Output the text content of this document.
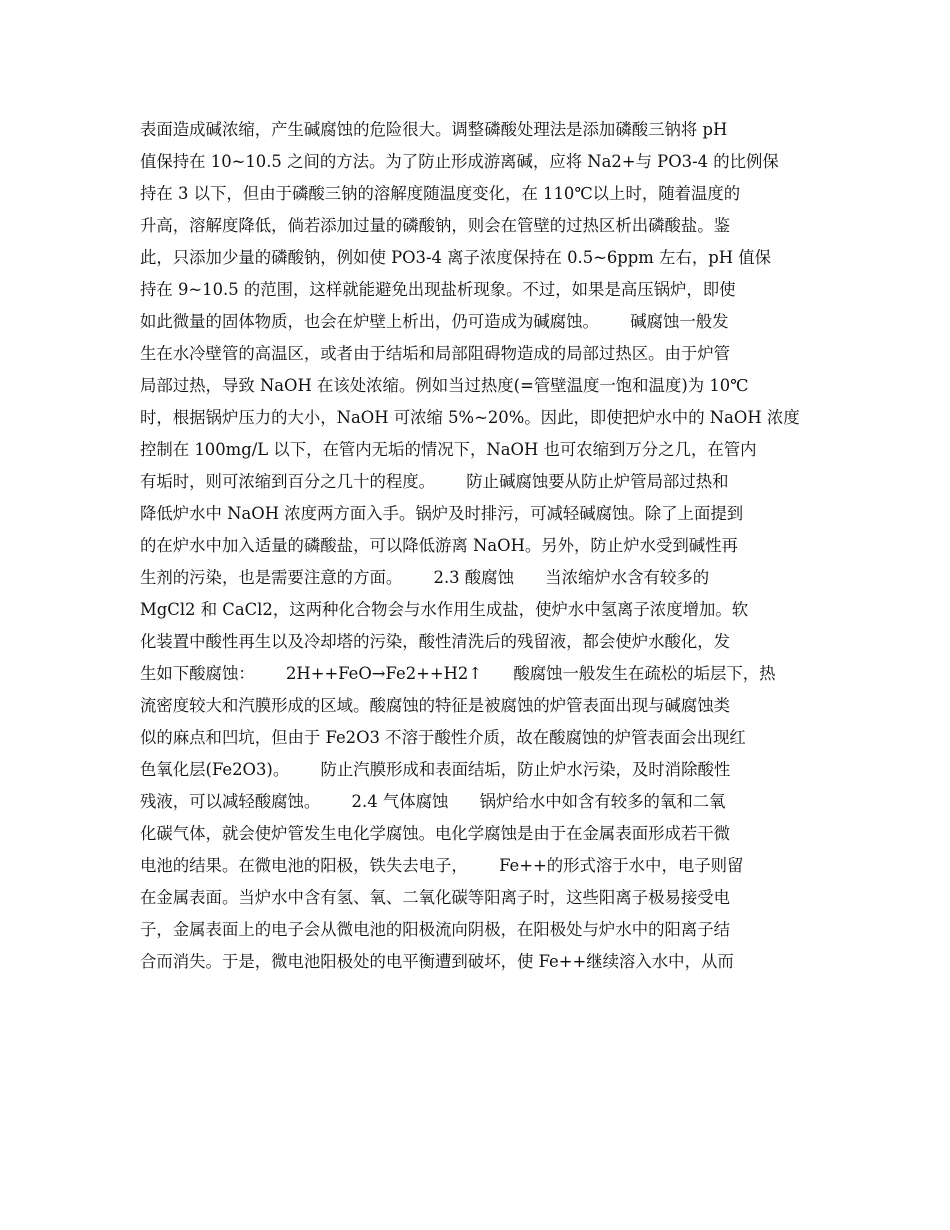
表面造成碱浓缩，产生碱腐蚀的危险很大。调整磷酸处理法是添加磷酸三钠将 pH
值保持在 10~10.5 之间的方法。为了防止形成游离碱，应将 Na2+与 PO3-4 的比例保
持在 3 以下，但由于磷酸三钠的溶解度随温度变化，在 110℃以上时，随着温度的
升高，溶解度降低，倘若添加过量的磷酸钠，则会在管壁的过热区析出磷酸盐。鉴
此，只添加少量的磷酸钠，例如使 PO3-4 离子浓度保持在 0.5~6ppm 左右，pH 值保
持在 9~10.5 的范围，这样就能避免出现盐析现象。不过，如果是高压锅炉，即使
如此微量的固体物质，也会在炉壁上析出，仍可造成为碱腐蚀。      碱腐蚀一般发
生在水冷壁管的高温区，或者由于结垢和局部阻碍物造成的局部过热区。由于炉管
局部过热，导致 NaOH 在该处浓缩。例如当过热度(=管壁温度一饱和温度)为 10℃
时，根据锅炉压力的大小，NaOH 可浓缩 5%~20%。因此，即使把炉水中的 NaOH 浓度
控制在 100mg/L 以下，在管内无垢的情况下，NaOH 也可农缩到万分之几，在管内
有垢时，则可浓缩到百分之几十的程度。      防止碱腐蚀要从防止炉管局部过热和
降低炉水中 NaOH 浓度两方面入手。锅炉及时排污，可减轻碱腐蚀。除了上面提到
的在炉水中加入适量的磷酸盐，可以降低游离 NaOH。另外，防止炉水受到碱性再
生剂的污染，也是需要注意的方面。      2.3 酸腐蚀      当浓缩炉水含有较多的
MgCl2 和 CaCl2，这两种化合物会与水作用生成盐，使炉水中氢离子浓度增加。软
化装置中酸性再生以及冷却塔的污染，酸性清洗后的残留液，都会使炉水酸化，发
生如下酸腐蚀：      2H++FeO→Fe2++H2↑      酸腐蚀一般发生在疏松的垢层下，热
流密度较大和汽膜形成的区域。酸腐蚀的特征是被腐蚀的炉管表面出现与碱腐蚀类
似的麻点和凹坑，但由于 Fe2O3 不溶于酸性介质，故在酸腐蚀的炉管表面会出现红
色氧化层(Fe2O3)。      防止汽膜形成和表面结垢，防止炉水污染，及时消除酸性
残液，可以减轻酸腐蚀。      2.4 气体腐蚀      锅炉给水中如含有较多的氧和二氧
化碳气体，就会使炉管发生电化学腐蚀。电化学腐蚀是由于在金属表面形成若干微
电池的结果。在微电池的阳极，铁失去电子，      Fe++的形式溶于水中，电子则留
在金属表面。当炉水中含有氢、氧、二氧化碳等阳离子时，这些阳离子极易接受电
子，金属表面上的电子会从微电池的阳极流向阴极，在阳极处与炉水中的阳离子结
合而消失。于是，微电池阳极处的电平衡遭到破坏，使 Fe++继续溶入水中，从而
